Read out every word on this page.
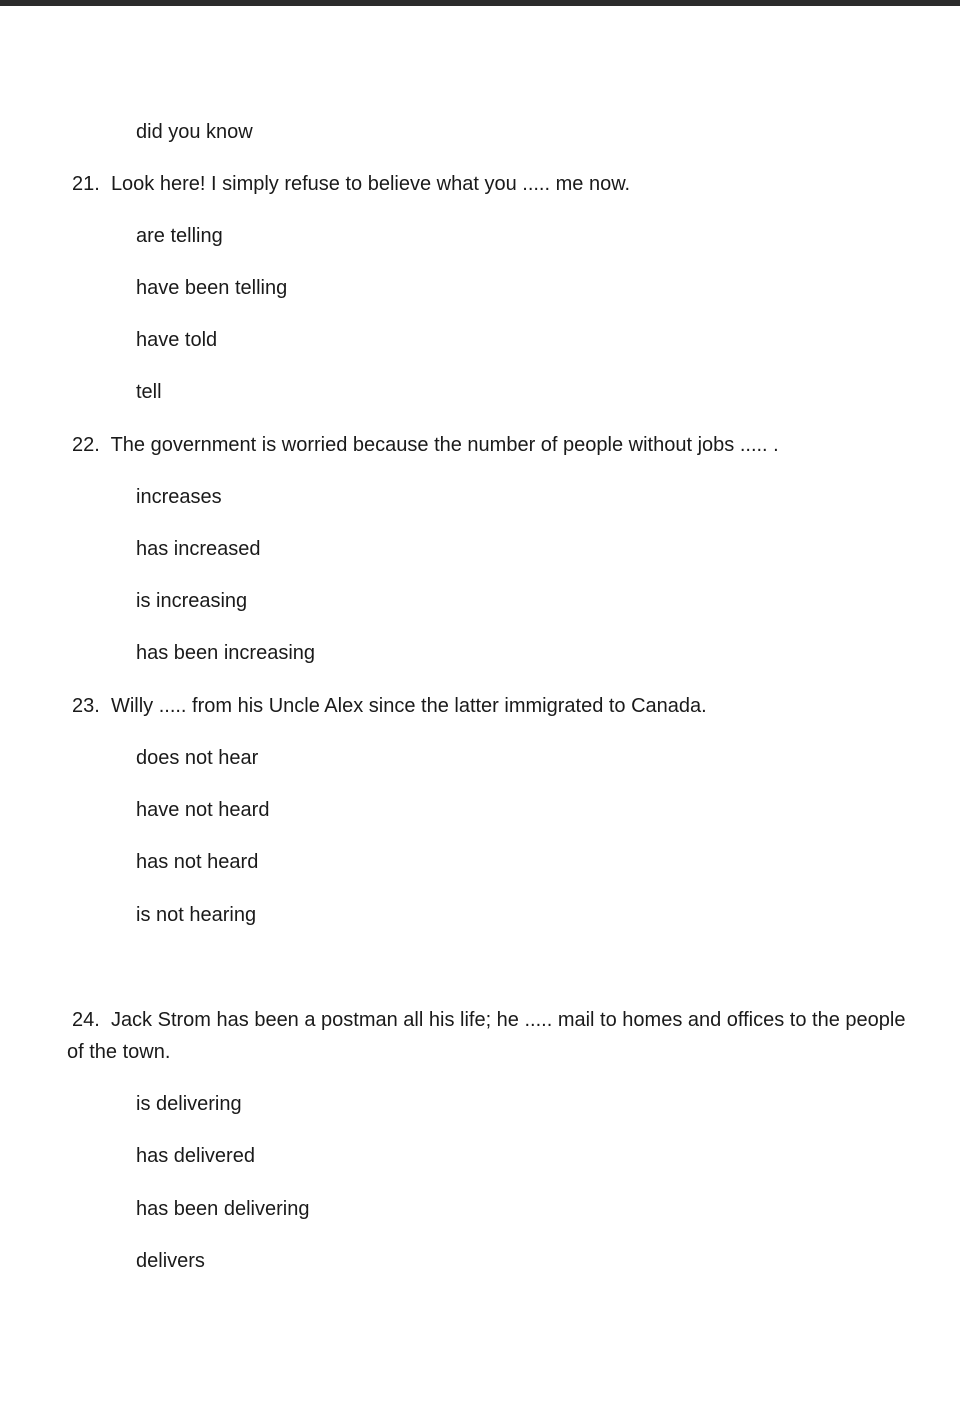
did you know
21. Look here! I simply refuse to believe what you ..... me now.
are telling
have been telling
have told
tell
22. The government is worried because the number of people without jobs ..... .
increases
has increased
is increasing
has been increasing
23. Willy ..... from his Uncle Alex since the latter immigrated to Canada.
does not hear
have not heard
has not heard
is not hearing
24. Jack Strom has been a postman all his life; he ..... mail to homes and offices to the people
of the town.
is delivering
has delivered
has been delivering
delivers
